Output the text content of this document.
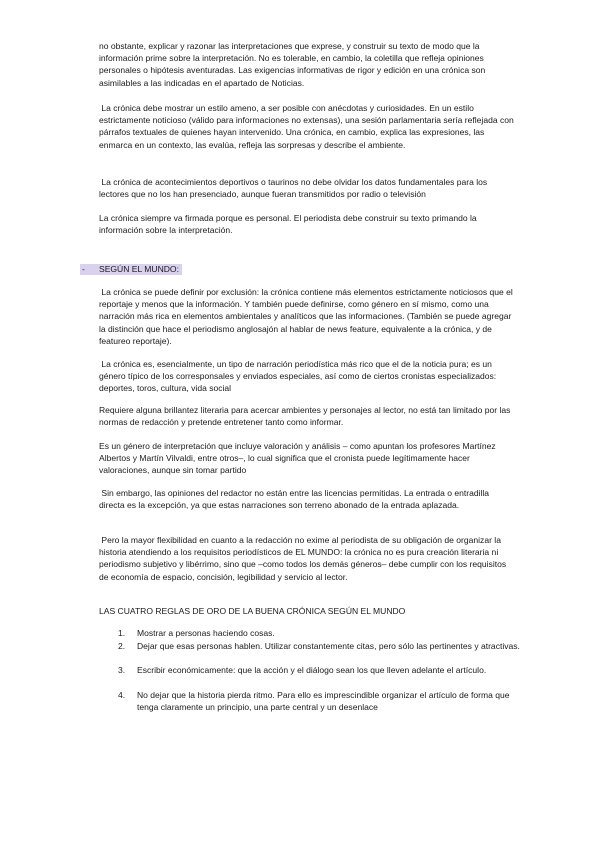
no obstante, explicar y razonar las interpretaciones que exprese, y construir su texto de modo que la información prime sobre la interpretación. No es tolerable, en cambio, la coletilla que refleja opiniones personales o hipótesis aventuradas. Las exigencias informativas de rigor y edición en una crónica son asimilables a las indicadas en el apartado de Noticias.

La crónica debe mostrar un estilo ameno, a ser posible con anécdotas y curiosidades. En un estilo estrictamente noticioso (válido para informaciones no extensas), una sesión parlamentaria sería reflejada con párrafos textuales de quienes hayan intervenido. Una crónica, en cambio, explica las expresiones, las enmarca en un contexto, las evalúa, refleja las sorpresas y describe el ambiente.

La crónica de acontecimientos deportivos o taurinos no debe olvidar los datos fundamentales para los lectores que no los han presenciado, aunque fueran transmitidos por radio o televisión

La crónica siempre va firmada porque es personal. El periodista debe construir su texto primando la información sobre la interpretación.

- SEGÚN EL MUNDO:

La crónica se puede definir por exclusión: la crónica contiene más elementos estrictamente noticiosos que el reportaje y menos que la información. Y también puede definirse, como género en sí mismo, como una narración más rica en elementos ambientales y analíticos que las informaciones. (También se puede agregar la distinción que hace el periodismo anglosajón al hablar de news feature, equivalente a la crónica, y de featureo reportaje).

La crónica es, esencialmente, un tipo de narración periodística más rico que el de la noticia pura; es un género típico de los corresponsales y enviados especiales, así como de ciertos cronistas especializados: deportes, toros, cultura, vida social

Requiere alguna brillantez literaria para acercar ambientes y personajes al lector, no está tan limitado por las normas de redacción y pretende entretener tanto como informar.

Es un género de interpretación que incluye valoración y análisis – como apuntan los profesores Martínez Albertos y Martín Vilvaldi, entre otros–, lo cual significa que el cronista puede legítimamente hacer valoraciones, aunque sin tomar partido

Sin embargo, las opiniones del redactor no están entre las licencias permitidas. La entrada o entradilla directa es la excepción, ya que estas narraciones son terreno abonado de la entrada aplazada.

Pero la mayor flexibilidad en cuanto a la redacción no exime al periodista de su obligación de organizar la historia atendiendo a los requisitos periodísticos de EL MUNDO: la crónica no es pura creación literaria ni periodismo subjetivo y libérrimo, sino que –como todos los demás géneros– debe cumplir con los requisitos de economía de espacio, concisión, legibilidad y servicio al lector.

LAS CUATRO REGLAS DE ORO DE LA BUENA CRÓNICA SEGÚN EL MUNDO
1. Mostrar a personas haciendo cosas.

2. Dejar que esas personas hablen. Utilizar constantemente citas, pero sólo las pertinentes y atractivas.

3. Escribir económicamente: que la acción y el diálogo sean los que lleven adelante el artículo.

4. No dejar que la historia pierda ritmo. Para ello es imprescindible organizar el artículo de forma que tenga claramente un principio, una parte central y un desenlace
